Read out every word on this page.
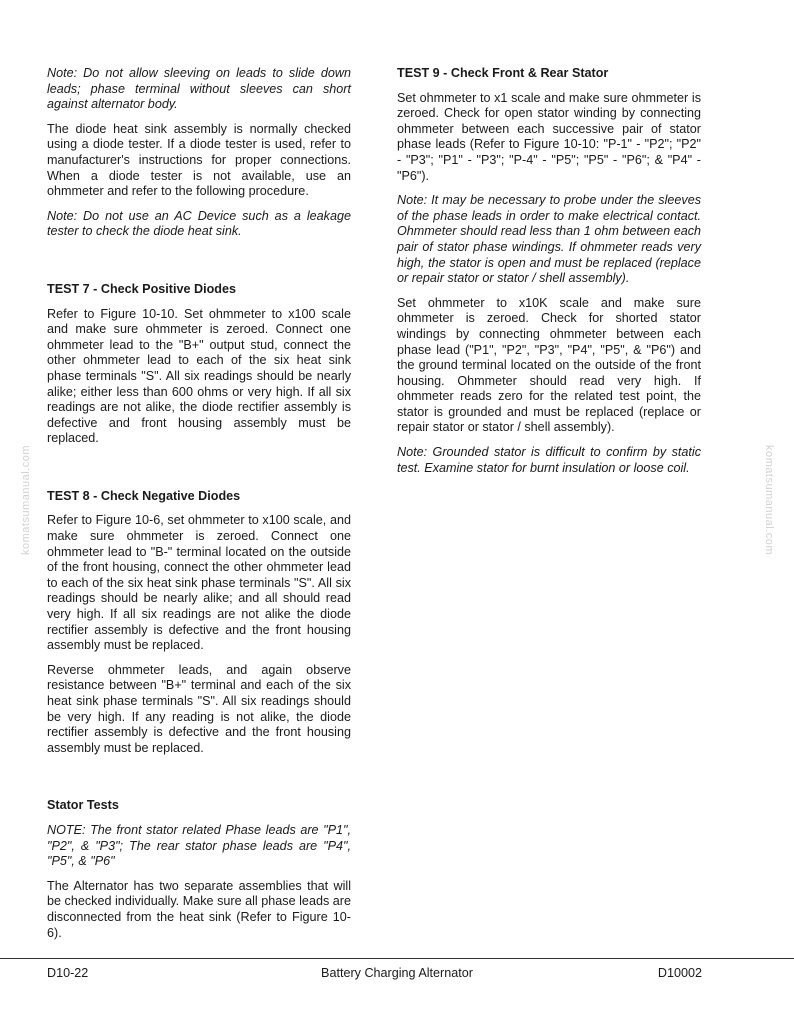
Note: Do not allow sleeving on leads to slide down leads; phase terminal without sleeves can short against alternator body.

The diode heat sink assembly is normally checked using a diode tester. If a diode tester is used, refer to manufacturer's instructions for proper connections. When a diode tester is not available, use an ohmmeter and refer to the following procedure.

Note: Do not use an AC Device such as a leakage tester to check the diode heat sink.

TEST 7 - Check Positive Diodes

Refer to Figure 10-10. Set ohmmeter to x100 scale and make sure ohmmeter is zeroed. Connect one ohmmeter lead to the "B+" output stud, connect the other ohmmeter lead to each of the six heat sink phase terminals "S". All six readings should be nearly alike; either less than 600 ohms or very high. If all six readings are not alike, the diode rectifier assembly is defective and front housing assembly must be replaced.

TEST 8 - Check Negative Diodes

Refer to Figure 10-6, set ohmmeter to x100 scale, and make sure ohmmeter is zeroed. Connect one ohmmeter lead to "B-" terminal located on the outside of the front housing, connect the other ohmmeter lead to each of the six heat sink phase terminals "S". All six readings should be nearly alike; and all should read very high. If all six readings are not alike the diode rectifier assembly is defective and the front housing assembly must be replaced.

Reverse ohmmeter leads, and again observe resistance between "B+" terminal and each of the six heat sink phase terminals "S". All six readings should be very high. If any reading is not alike, the diode rectifier assembly is defective and the front housing assembly must be replaced.

Stator Tests

NOTE: The front stator related Phase leads are "P1", "P2", & "P3"; The rear stator phase leads are "P4", "P5", & "P6"

The Alternator has two separate assemblies that will be checked individually. Make sure all phase leads are disconnected from the heat sink (Refer to Figure 10-6).

TEST 9 - Check Front & Rear Stator

Set ohmmeter to x1 scale and make sure ohmmeter is zeroed. Check for open stator winding by connecting ohmmeter between each successive pair of stator phase leads (Refer to Figure 10-10: "P-1" - "P2"; "P2" - "P3"; "P1" - "P3"; "P-4" - "P5"; "P5" - "P6"; & "P4" - "P6").

Note: It may be necessary to probe under the sleeves of the phase leads in order to make electrical contact. Ohmmeter should read less than 1 ohm between each pair of stator phase windings. If ohmmeter reads very high, the stator is open and must be replaced (replace or repair stator or stator / shell assembly).

Set ohmmeter to x10K scale and make sure ohmmeter is zeroed. Check for shorted stator windings by connecting ohmmeter between each phase lead ("P1", "P2", "P3", "P4", "P5", & "P6") and the ground terminal located on the outside of the front housing. Ohmmeter should read very high. If ohmmeter reads zero for the related test point, the stator is grounded and must be replaced (replace or repair stator or stator / shell assembly).

Note: Grounded stator is difficult to confirm by static test. Examine stator for burnt insulation or loose coil.

komatsumanual.com	komatsumanual.com
D10-22	Battery Charging Alternator	D10002
